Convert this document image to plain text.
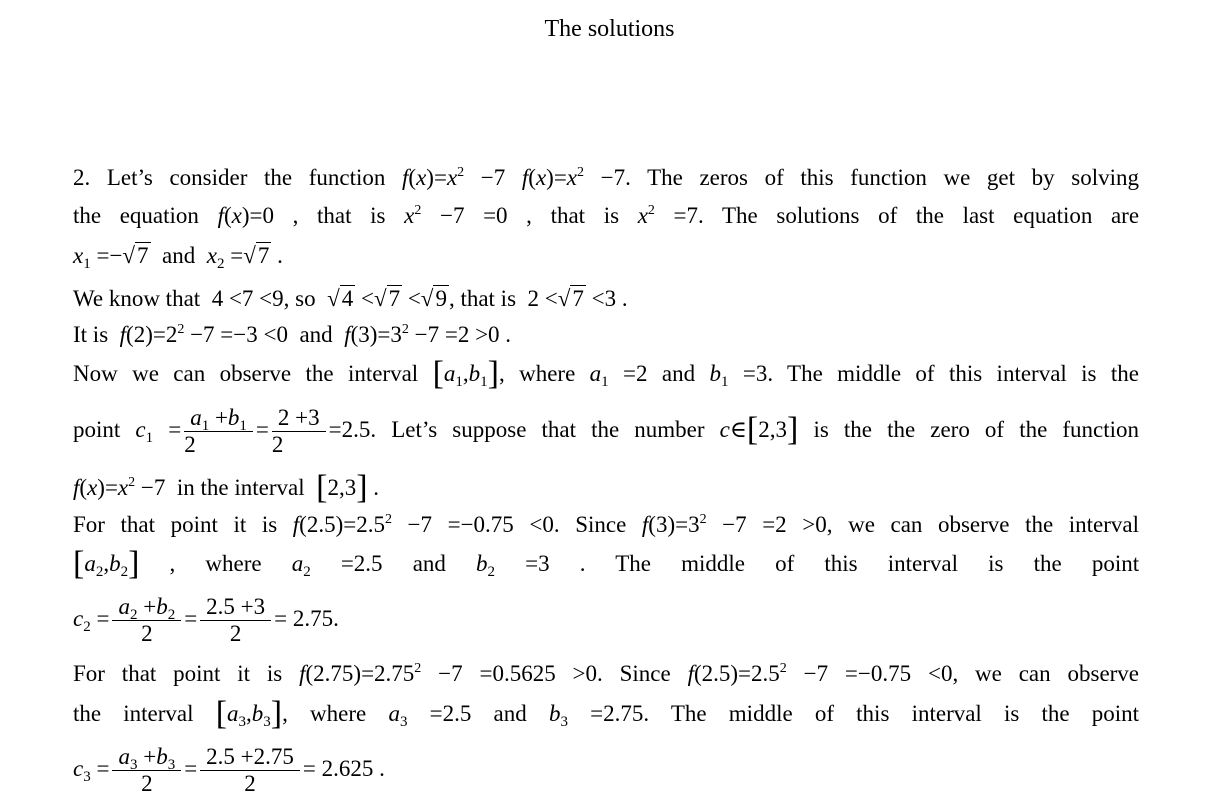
The solutions
2. Let’s consider the function $f(x)=x^2 -7$ $f(x)=x^2 -7$. The zeros of this function we get by solving
the equation f(x)=0 , that is $x^2 -7 =0$ , that is $x^2 =7$. The solutions of the last equation are
$x_1 =-√7$ and $x_2 =√7$ .
We know that  4 <7 <9, so  √4 <√7 <√9, that is  2 <√7 <3 .
It is $f(2)=2^2 -7 =-3 <0$  and $f(3)=3^2 -7 =2 >0$ .
Now we can observe the interval $[a_1,b_1]$, where $a_1 =2$ and $b_1 =3$. The middle of this interval is the
point $c_1 = \frac{a_1 +b_1}{2} = \frac{2 +3}{2} =2.5$. Let’s suppose that the number c∈[2,3] is the the zero of the function
$f(x)=x^2 -7$  in the interval [2,3] .
For that point it is $f(2.5)=2.5^2 -7 =-0.75 <0$. Since $f(3)=3^2 -7 =2 >0$, we can observe the interval
$[a_2,b_2]$ , where $a_2 =2.5$ and $b_2 =3$ . The middle of this interval is the point
$c_2 = \frac{a_2 +b_2}{2} = \frac{2.5 +3}{2} = 2.75$.
For that point it is $f(2.75)=2.75^2 -7 =0.5625 >0$. Since $f(2.5)=2.5^2 -7 =-0.75 <0$, we can observe
the interval $[a_3,b_3]$, where $a_3 =2.5$ and $b_3 =2.75$. The middle of this interval is the point
$c_3 = \frac{a_3 +b_3}{2} = \frac{2.5 +2.75}{2} = 2.625$ .
